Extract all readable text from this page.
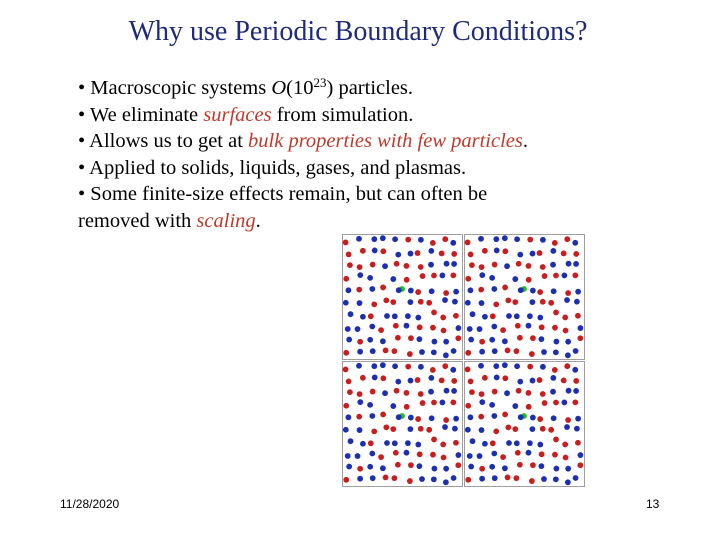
Why use Periodic Boundary Conditions?
• Macroscopic systems $O(10^{23})$ particles.
• We eliminate surfaces from simulation.
• Allows us to get at bulk properties with few particles.
• Applied to solids, liquids, gases, and plasmas.
• Some finite-size effects remain, but can often be
removed with scaling.
11/28/2020	13
